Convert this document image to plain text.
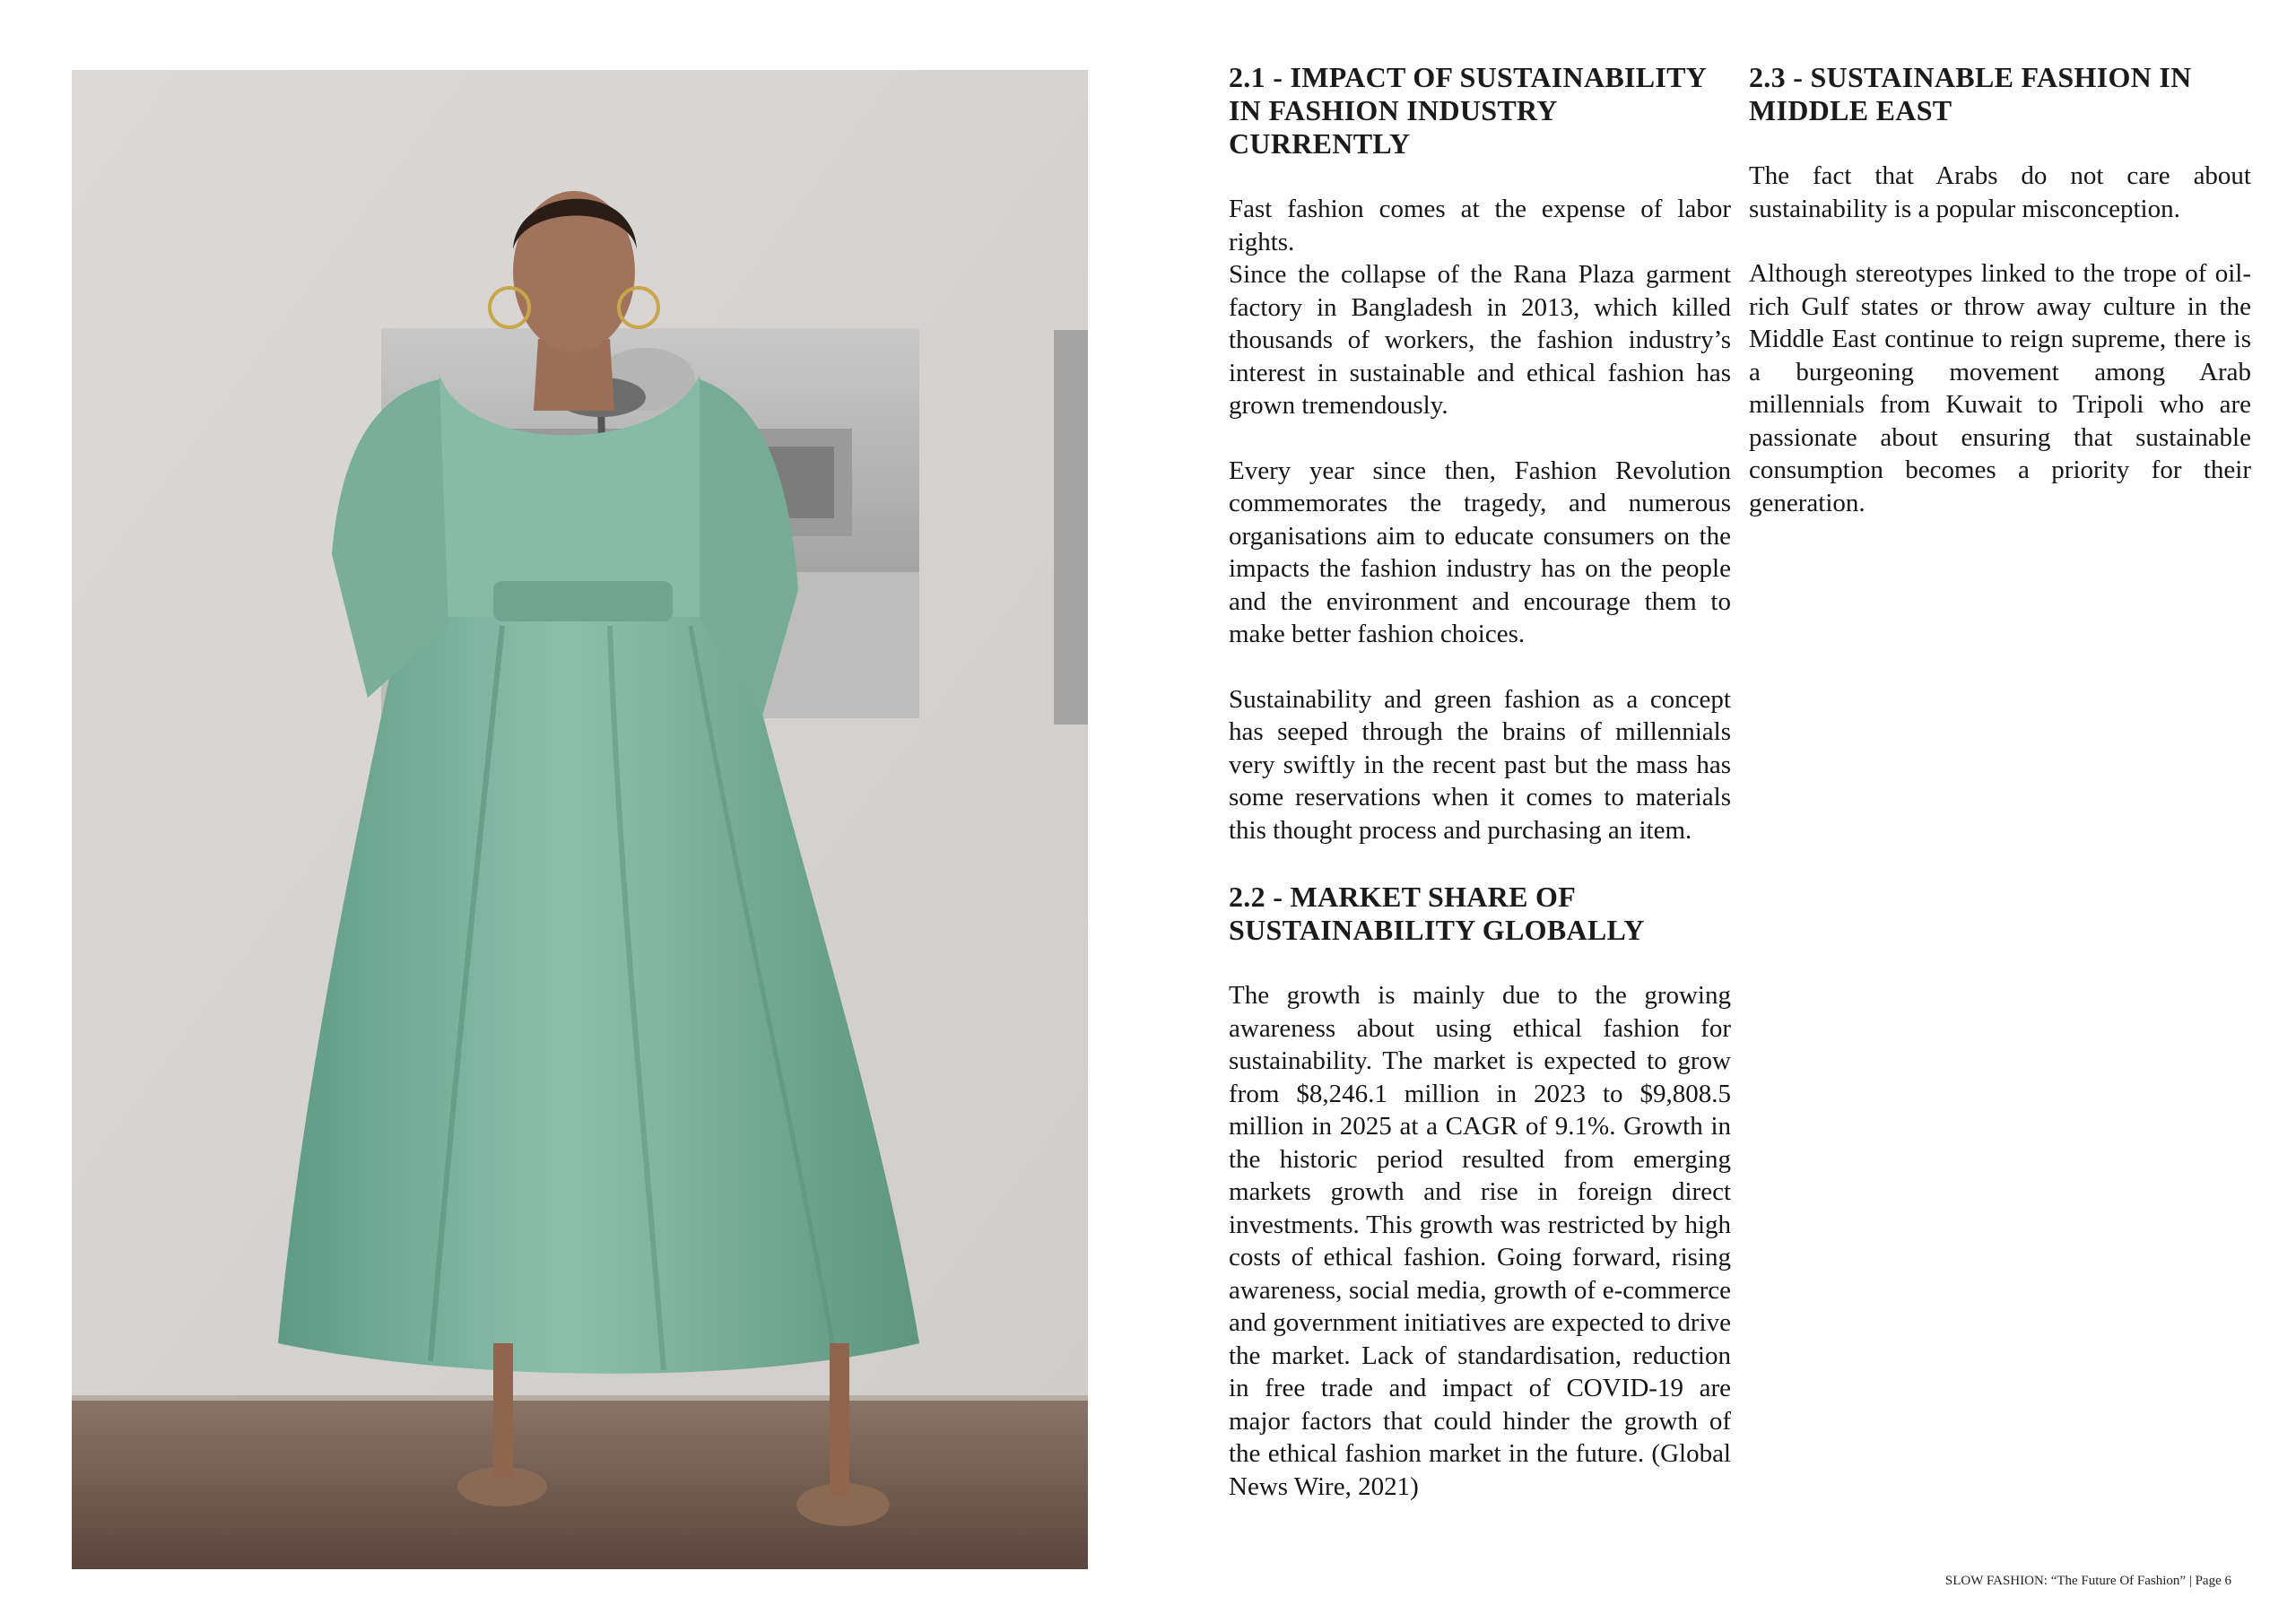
2.1 - IMPACT OF SUSTAINABILITY IN FASHION INDUSTRY CURRENTLY

Fast fashion comes at the expense of labor rights.

Since the collapse of the Rana Plaza garment factory in Bangladesh in 2013, which killed thousands of workers, the fashion industry’s interest in sustainable and ethical fashion has grown tremendously.

Every year since then, Fashion Revolution commemorates the tragedy, and numerous organisations aim to educate consumers on the impacts the fashion industry has on the people and the environment and encourage them to make better fashion choices.

Sustainability and green fashion as a concept has seeped through the brains of millennials very swiftly in the recent past but the mass has some reservations when it comes to materials this thought process and purchasing an item.

2.2 - MARKET SHARE OF SUSTAINABILITY GLOBALLY

The growth is mainly due to the growing awareness about using ethical fashion for sustainability. The market is expected to grow from $8,246.1 million in 2023 to $9,808.5 million in 2025 at a CAGR of 9.1%. Growth in the historic period resulted from emerging markets growth and rise in foreign direct investments. This growth was restricted by high costs of ethical fashion. Going forward, rising awareness, social media, growth of e-commerce and government initiatives are expected to drive the market. Lack of standardisation, reduction in free trade and impact of COVID-19 are major factors that could hinder the growth of the ethical fashion market in the future. (Global News Wire, 2021)

2.3 - SUSTAINABLE FASHION IN MIDDLE EAST

The fact that Arabs do not care about sustainability is a popular misconception.

Although stereotypes linked to the trope of oil-rich Gulf states or throw away culture in the Middle East continue to reign supreme, there is a burgeoning movement among Arab millennials from Kuwait to Tripoli who are passionate about ensuring that sustainable consumption becomes a priority for their generation.

SLOW FASHION: “The Future Of Fashion” | Page 6
